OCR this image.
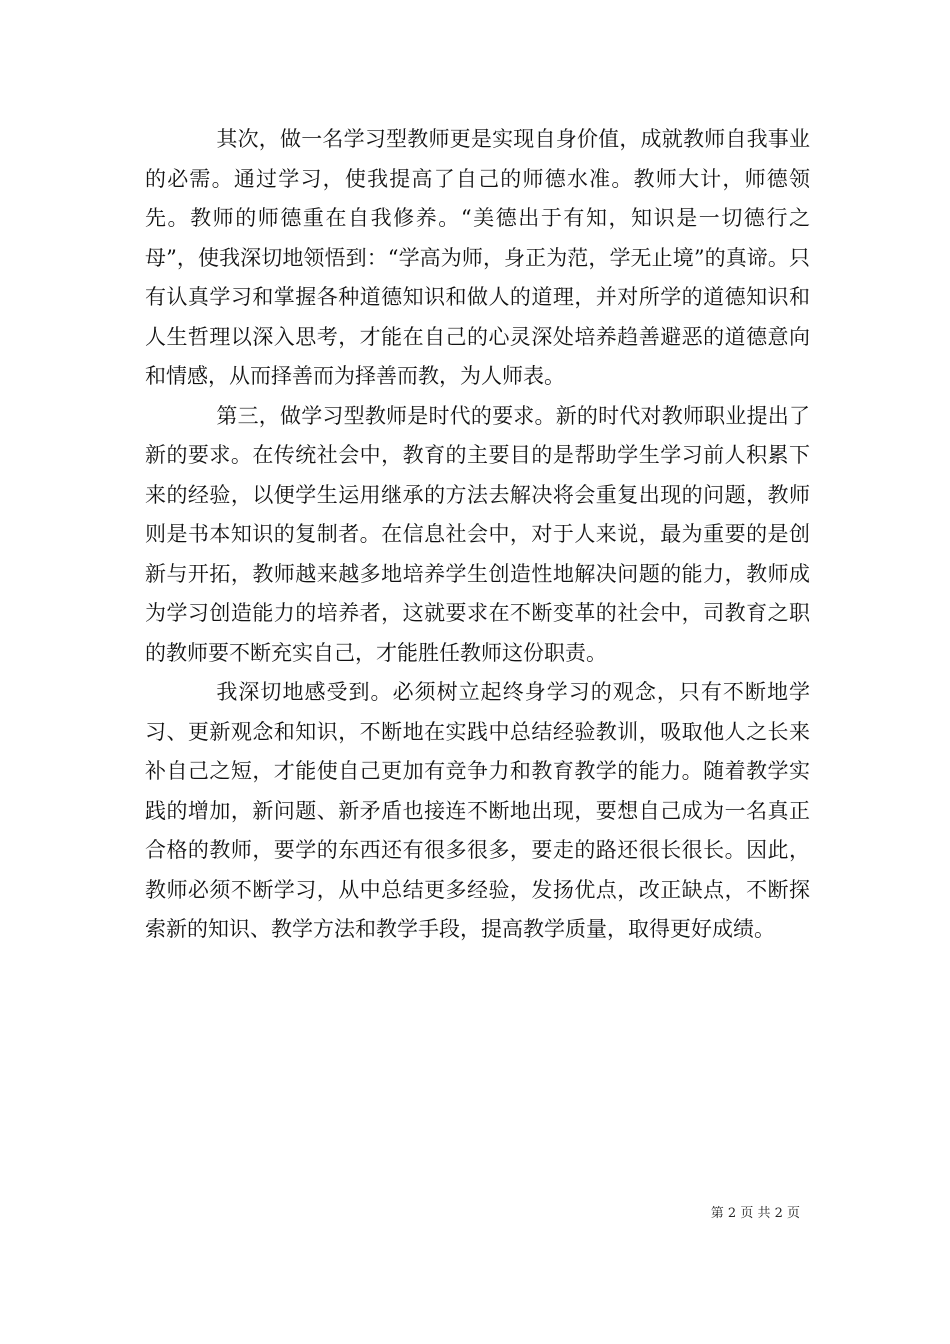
其次，做一名学习型教师更是实现自身价值，成就教师自我事业的必需。通过学习，使我提高了自己的师德水准。教师大计，师德领先。教师的师德重在自我修养。“美德出于有知，知识是一切德行之母”，使我深切地领悟到：“学高为师，身正为范，学无止境”的真谛。只有认真学习和掌握各种道德知识和做人的道理，并对所学的道德知识和人生哲理以深入思考，才能在自己的心灵深处培养趋善避恶的道德意向和情感，从而择善而为择善而教，为人师表。

第三，做学习型教师是时代的要求。新的时代对教师职业提出了新的要求。在传统社会中，教育的主要目的是帮助学生学习前人积累下来的经验，以便学生运用继承的方法去解决将会重复出现的问题，教师则是书本知识的复制者。在信息社会中，对于人来说，最为重要的是创新与开拓，教师越来越多地培养学生创造性地解决问题的能力，教师成为学习创造能力的培养者，这就要求在不断变革的社会中，司教育之职的教师要不断充实自己，才能胜任教师这份职责。

我深切地感受到。必须树立起终身学习的观念，只有不断地学习、更新观念和知识，不断地在实践中总结经验教训，吸取他人之长来补自己之短，才能使自己更加有竞争力和教育教学的能力。随着教学实践的增加，新问题、新矛盾也接连不断地出现，要想自己成为一名真正合格的教师，要学的东西还有很多很多，要走的路还很长很长。因此，教师必须不断学习，从中总结更多经验，发扬优点，改正缺点，不断探索新的知识、教学方法和教学手段，提高教学质量，取得更好成绩。

第 2 页 共 2 页
